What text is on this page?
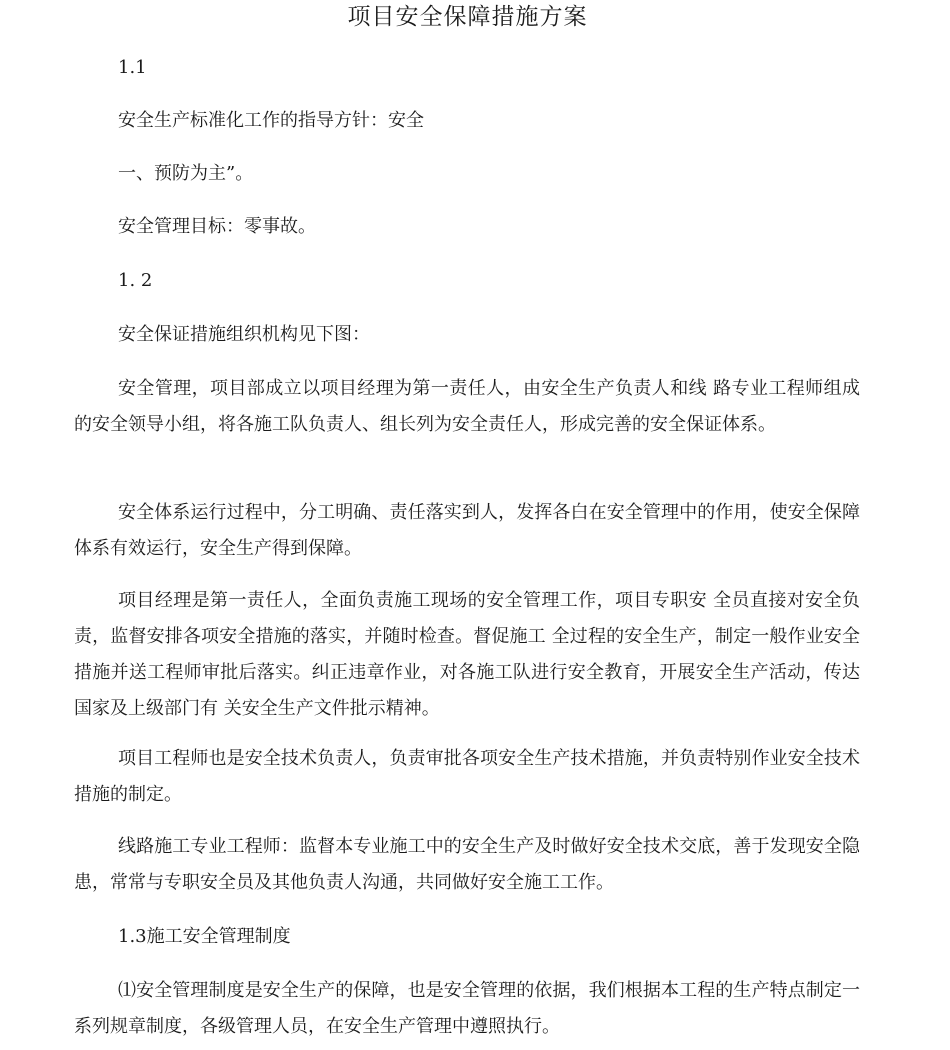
项目安全保障措施方案

1.1

安全生产标准化工作的指导方针：安全

一、预防为主”。

安全管理目标：零事故。

1. 2

安全保证措施组织机构见下图：

安全管理，项目部成立以项目经理为第一责任人，由安全生产负责人和线 路专业工程师组成的安全领导小组，将各施工队负责人、组长列为安全责任人，形成完善的安全保证体系。

安全体系运行过程中，分工明确、责任落实到人，发挥各白在安全管理中的作用，使安全保障体系有效运行，安全生产得到保障。

项目经理是第一责任人，全面负责施工现场的安全管理工作，项目专职安 全员直接对安全负责，监督安排各项安全措施的落实，并随时检查。督促施工 全过程的安全生产，制定一般作业安全措施并送工程师审批后落实。纠正违章作业，对各施工队进行安全教育，开展安全生产活动，传达国家及上级部门有 关安全生产文件批示精神。

项目工程师也是安全技术负责人，负责审批各项安全生产技术措施，并负责特别作业安全技术措施的制定。

线路施工专业工程师：监督本专业施工中的安全生产及时做好安全技术交底，善于发现安全隐患，常常与专职安全员及其他负责人沟通，共同做好安全施工工作。

1.3施工安全管理制度

⑴安全管理制度是安全生产的保障，也是安全管理的依据，我们根据本工程的生产特点制定一系列规章制度，各级管理人员，在安全生产管理中遵照执行。
